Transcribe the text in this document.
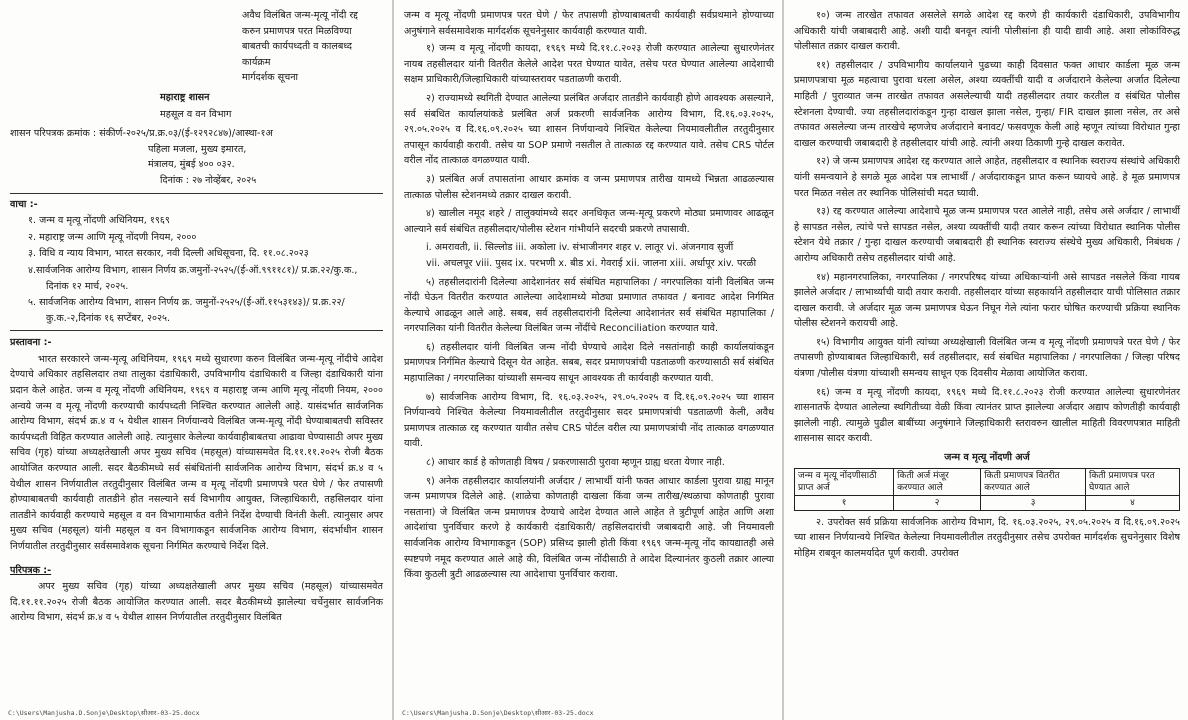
अवैध विलंबित जन्म-मृत्यू नोंदी रद्द
करुन प्रमाणपत्र परत मिळविण्या
बाबतची कार्यपध्दती व कालबध्द
कार्यक्रम
मार्गदर्शक सूचना
महाराष्ट्र शासन
महसूल व वन विभाग
शासन परिपत्रक क्रमांक : संकीर्ण-२०२५/प्र.क्र.०३/(ई-१२९२८४७)/आस्था-१अ
पहिला मजला, मुख्य इमारत,
मंत्रालय, मुंबई ४०० ०३२.
दिनांक : २७ नोव्हेंबर, २०२५
वाचा :-
१. जन्म व मृत्यू नोंदणी अधिनियम, १९६९
२. महाराष्ट्र जन्म आणि मृत्यू नोंदणी नियम, २०००
३. विधि व न्याय विभाग, भारत सरकार, नवी दिल्ली अधिसूचना, दि. ११.०८.२०२३
४.सार्वजनिक आरोग्य विभाग, शासन निर्णय क्र.जमुनों-२५२५/(ई-ऑ.९९११८१)/ प्र.क्र.२२/कु.क., दिनांक १२ मार्च, २०२५.
५. सार्वजनिक आरोग्य विभाग, शासन निर्णय क्र. जमुनों-२५२५/(ई-ऑ.११५३१४३)/ प्र.क्र.२२/कु.क.-२,दिनांक १६ सप्टेंबर, २०२५.
प्रस्तावना :-
भारत सरकारने जन्म-मृत्यू अधिनियम, १९६९ मध्ये सुधारणा करुन विलंबित जन्म-मृत्यू नोंदीचे आदेश देण्याचे अधिकार तहसिलदार तथा तालुका दंडाधिकारी, उपविभागीय दंडाधिकारी व जिल्हा दंडाधिकारी यांना प्रदान केले आहेत. जन्म व मृत्यू नोंदणी अधिनियम, १९६९ व महाराष्ट्र जन्म आणि मृत्यू नोंदणी नियम, २००० अन्वये जन्म व मृत्यू नोंदणी करण्याची कार्यपध्दती निश्चित करण्यात आलेली आहे. यासंदर्भात सार्वजनिक आरोग्य विभाग, संदर्भ क्र.४ व ५ येथील शासन निर्णयान्वये विलंबित जन्म-मृत्यू नोंदी घेण्याबाबतची सविस्तर कार्यपध्दती विहित करण्यात आलेली आहे. त्यानुसार केलेल्या कार्यवाहीबाबतचा आढावा घेण्यासाठी अपर मुख्य सचिव (गृह) यांच्या अध्यक्षतेखाली अपर मुख्य सचिव (महसूल) यांच्यासमवेत दि.११.११.२०२५ रोजी बैठक आयोजित करण्यात आली. सदर बैठकीमध्ये सर्व संबंधितांनी सार्वजनिक आरोग्य विभाग, संदर्भ क्र.४ व ५ येथील शासन निर्णयातील तरतुदीनुसार विलंबित जन्म व मृत्यू नोंदणी प्रमाणपत्रे परत घेणे / फेर तपासणी होण्याबाबतची कार्यवाही तातडीने होत नसल्याने सर्व विभागीय आयुक्त, जिल्हाधिकारी, तहसिलदार यांना तातडीने कार्यवाही करण्याचे महसूल व वन विभागामार्फत वतीने निर्देश देण्याची विनंती केली. त्यानुसार अपर मुख्य सचिव (महसूल) यांनी महसूल व वन विभागाकडून सार्वजनिक आरोग्य विभाग, संदर्भाधीन शासन निर्णयातील तरतुदीनुसार सर्वसमावेशक सूचना निर्गमित करण्याचे निर्देश दिले.
परिपत्रक :-
अपर मुख्य सचिव (गृह) यांच्या अध्यक्षतेखाली अपर मुख्य सचिव (महसूल) यांच्यासमवेत दि.११.११.२०२५ रोजी बैठक आयोजित करण्यात आली. सदर बैठकीमध्ये झालेल्या चर्चेनुसार सार्वजनिक आरोग्य विभाग, संदर्भ क्र.४ व ५ येथील शासन निर्णयातील तरतुदीनुसार विलंबित
C:\Users\Manjusha.D.Sonje\Desktop\सीआर-03-25.docx
जन्म व मृत्यू नोंदणी प्रमाणपत्र परत घेणे / फेर तपासणी होण्याबाबतची कार्यवाही सर्वप्रथमाने होण्याच्या अनुषंगाने सर्वसमावेशक मार्गदर्शक सूचनेनुसार कार्यवाही करण्यात यावी.
१) जन्म व मृत्यू नोंदणी कायदा, १९६९ मध्ये दि.११.८.२०२३ रोजी करण्यात आलेल्या सुधारणेनंतर नायब तहसीलदार यांनी वितरीत केलेले आदेश परत घेण्यात यावेत, तसेच परत घेण्यात आलेल्या आदेशाची सक्षम प्राधिकारी/जिल्हाधिकारी यांच्यास्तरावर पडताळणी करावी.
२) राज्यामध्ये स्थगिती देण्यात आलेल्या प्रलंबित अर्जदार तातडीने कार्यवाही होणे आवश्यक असल्याने, सर्व संबधित कार्यालयांकडे प्रलंबित अर्ज प्रकरणी सार्वजनिक आरोग्य विभाग, दि.१६.०३.२०२५, २९.०५.२०२५ व दि.१६.०९.२०२५ च्या शासन निर्णयान्वये निश्चित केलेल्या नियमावलीतील तरतुदीनुसार तपासून कार्यवाही करावी. तसेच या SOP प्रमाणे नसतील ते तात्काळ रद्द करण्यात यावे. तसेच CRS पोर्टल वरील नोंद तात्काळ वगळण्यात यावी.
३) प्रलंबित अर्ज तपासतांना आधार क्रमांक व जन्म प्रमाणपत्र तारीख यामध्ये भिन्नता आढळल्यास तात्काळ पोलीस स्टेशनमध्ये तक्रार दाखल करावी.
४) खालील नमूद शहरे / तालुक्यांमध्ये सदर अनधिकृत जन्म-मृत्यू प्रकरणे मोठ्या प्रमाणावर आढळून आल्याने सर्व संबंधित तहसीलदार/पोलीस स्टेशन गांभीर्याने सदरची प्रकरणे तपासावी.
i. अमरावती, ii. सिल्लोड iii. अकोला iv. संभाजीनगर शहर v. लातूर vi. अंजनगाव सुर्जी
vii. अचलपूर viii. पुसद ix. परभणी x. बीड xi. गेवराई xii. जालना xiii. अर्धापूर xiv. परळी
५) तहसीलदारांनी दिलेल्या आदेशानंतर सर्व संबंधित महापालिका / नगरपालिका यांनी विलंबित जन्म नोंदी घेऊन वितरीत करण्यात आलेल्या आदेशामध्ये मोठ्या प्रमाणात तफावत / बनावट आदेश निर्गमित केल्याचे आढळून आले आहे. सबब, सर्व तहसीलदारांनी दिलेल्या आदेशानंतर सर्व संबंधित महापालिका / नगरपालिका यांनी वितरीत केलेल्या विलंबित जन्म नोंदींचे Reconciliation करण्यात यावे.
६) तहसीलदार यांनी विलंबित जन्म नोंदी घेण्याचे आदेश दिले नसतांनाही काही कार्यालयांकडून प्रमाणपत्र निर्गमित केल्याचे दिसून येत आहेत. सबब, सदर प्रमाणपत्रांची पडताळणी करण्यासाठी सर्व संबंधित महापालिका / नगरपालिका यांच्याशी समन्वय साधून आवश्यक ती कार्यवाही करण्यात यावी.
७) सार्वजनिक आरोग्य विभाग, दि. १६.०३.२०२५, २९.०५.२०२५ व दि.१६.०९.२०२५ च्या शासन निर्णयान्वये निश्चित केलेल्या नियमावलीतील तरतुदीनुसार सदर प्रमाणपत्रांची पडताळणी केली, अवैध प्रमाणपत्र तात्काळ रद्द करण्यात यावीत तसेच CRS पोर्टल वरील त्या प्रमाणपत्रांची नोंद तात्काळ वगळण्यात यावी.
८) आधार कार्ड हे कोणताही विषय / प्रकरणासाठी पुरावा म्हणून ग्राह्य धरता येणार नाही.
९) अनेक तहसीलदार कार्यालयांनी अर्जदार / लाभार्थी यांनी फक्त आधार कार्डला पुरावा ग्राह्य मानून जन्म प्रमाणपत्र दिलेले आहे. (शाळेचा कोणताही दाखला किंवा जन्म तारीख/स्थळाचा कोणताही पुरावा नसताना) जे विलंबित जन्म प्रमाणपत्र देण्याचे आदेश देण्यात आले आहेत ते त्रुटीपूर्ण आहेत आणि अशा आदेशांचा पुनर्विचार करणे हे कार्यकारी दंडाधिकारी/ तहसिलदारांची जबाबदारी आहे. जी नियमावली सार्वजनिक आरोग्य विभागाकडून (SOP) प्रसिध्द झाली होती किंवा १९६९ जन्म-मृत्यू नोंद कायद्यातही असे स्पष्टपणे नमूद करण्यात आले आहे की, विलंबित जन्म नोंदीसाठी ते आदेश दिल्यानंतर कुठली तक्रार आल्या किंवा कुठली त्रुटी आढळल्यास त्या आदेशाचा पुनर्विचार करावा.
C:\Users\Manjusha.D.Sonje\Desktop\सीआर-03-25.docx
१०) जन्म तारखेत तफावत असलेले सगळे आदेश रद्द करणे ही कार्यकारी दंडाधिकारी, उपविभागीय अधिकारी यांची जबाबदारी आहे. अशी यादी बनवून त्यांनी पोलीसांना ही यादी द्यावी आहे. अशा लोकांविरुद्ध पोलीसात तक्रार दाखल करावी.
११) तहसीलदार / उपविभागीय कार्यालयाने पुढच्या काही दिवसात फक्त आधार कार्डला मूळ जन्म प्रमाणपत्राचा मूळ महत्वाचा पुरावा धरला असेल, अश्या व्यक्तींची यादी व अर्जदाराने केलेल्या अर्जात दिलेल्या माहिती / पुराव्यात जन्म तारखेत तफावत असलेल्याची यादी तहसीलदार तयार करतील व संबंधित पोलीस स्टेशनला देण्याची. ज्या तहसीलदारांकडून गुन्हा दाखल झाला नसेल, गुन्हा/ FIR दाखल झाला नसेल, तर असे तफावत असलेल्या जन्म तारखेचे म्हणजेच अर्जदाराने बनावट/ फसवणूक केली आहे म्हणून त्यांच्या विरोधात गुन्हा दाखल करण्याची जबाबदारी हे तहसीलदार यांची आहे. त्यांनी अश्या ठिकाणी गुन्हे दाखल करावेत.
१२) जे जन्म प्रमाणपत्र आदेश रद्द करण्यात आले आहेत, तहसीलदार व स्थानिक स्वराज्य संस्थांचे अधिकारी यांनी समन्वयाने हे सगळे मूळ आदेश पत्र लाभार्थी / अर्जदाराकडून प्राप्त करून घ्यायचे आहे. हे मूळ प्रमाणपत्र परत मिळत नसेल तर स्थानिक पोलिसांची मदत घ्यावी.
१३) रद्द करण्यात आलेल्या आदेशाचे मूळ जन्म प्रमाणपत्र परत आलेले नाही, तसेच असे अर्जदार / लाभार्थी हे सापडत नसेल, त्यांचे पत्ते सापडत नसेल, अश्या व्यक्तींची यादी तयार करून त्यांच्या विरोधात स्थानिक पोलीस स्टेशन येथे तक्रार / गुन्हा दाखल करण्याची जबाबदारी ही स्थानिक स्वराज्य संस्थेचे मुख्य अधिकारी, निबंधक / आरोग्य अधिकारी तसेच तहसीलदार यांची आहे.
१४) महानगरपालिका, नगरपालिका / नगरपरिषद यांच्या अधिकाऱ्यांनी असे सापडत नसलेले किंवा गायब झालेले अर्जदार / लाभार्थ्यांची यादी तयार करावी. तहसीलदार यांच्या सहकार्याने तहसीलदार याची पोलिसात तक्रार दाखल करावी. जे अर्जदार मूळ जन्म प्रमाणपत्र घेऊन निघून गेले त्यांना फरार घोषित करण्याची प्रक्रिया स्थानिक पोलीस स्टेशनने करायची आहे.
१५) विभागीय आयुक्त यांनी त्यांच्या अध्यक्षेखाली विलंबित जन्म व मृत्यू नोंदणी प्रमाणपत्रे परत घेणे / फेर तपासणी होण्याबाबत जिल्हाधिकारी, सर्व तहसीलदार, सर्व संबधित महापालिका / नगरपालिका / जिल्हा परिषद यंत्रणा /पोलीस यंत्रणा यांच्याशी समन्वय साधून एक दिवसीय मेळावा आयोजित करावा.
१६) जन्म व मृत्यू नोंदणी कायदा, १९६९ मध्ये दि.११.८.२०२३ रोजी करण्यात आलेल्या सुधारणेनंतर शासनातर्फे देण्यात आलेल्या स्थगितीच्या वेळी किंवा त्यानंतर प्राप्त झालेल्या अर्जदार अद्याप कोणतीही कार्यवाही झालेली नाही. त्यामुळे पुढील बाबींच्या अनुषंगाने जिल्हाधिकारी स्तरावरुन खालील माहिती विवरणपत्रात माहिती शासनास सादर करावी.
जन्म व मृत्यू नोंदणी अर्ज
जन्म व मृत्यू नोंदणीसाठी प्राप्त अर्ज	किती अर्ज मंजूर करण्यात आले	किती प्रमाणपत्र वितरीत करण्यात आले	किती प्रमाणपत्र परत घेण्यात आले
१	२	३	४
२. उपरोक्त सर्व प्रक्रिया सार्वजनिक आरोग्य विभाग, दि. १६.०३.२०२५, २९.०५.२०२५ व दि.१६.०९.२०२५ च्या शासन निर्णयान्वये निश्चित केलेल्या नियमावलीतील तरतुदीनुसार तसेच उपरोक्त मार्गदर्शक सुचनेनुसार विशेष मोहिम राबवून कालमर्यादेत पूर्ण करावी. उपरोक्त
